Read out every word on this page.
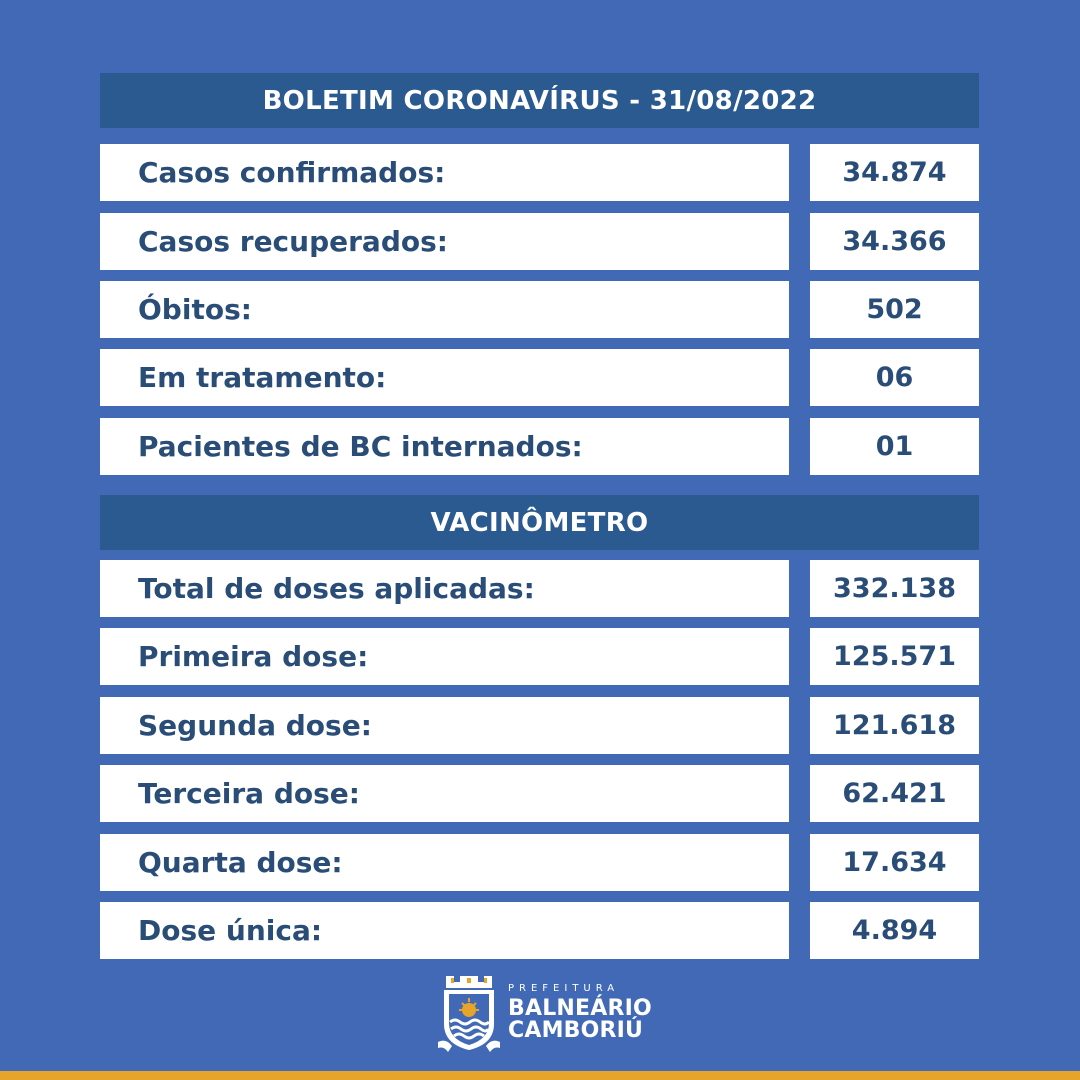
BOLETIM CORONAVÍRUS - 31/08/2022
Casos confirmados:	34.874
Casos recuperados:	34.366
Óbitos:	502
Em tratamento:	06
Pacientes de BC internados:	01
VACINÔMETRO
Total de doses aplicadas:	332.138
Primeira dose:	125.571
Segunda dose:	121.618
Terceira dose:	62.421
Quarta dose:	17.634
Dose única:	4.894
PREFEITURA
BALNEÁRIO
CAMBORIÚ
